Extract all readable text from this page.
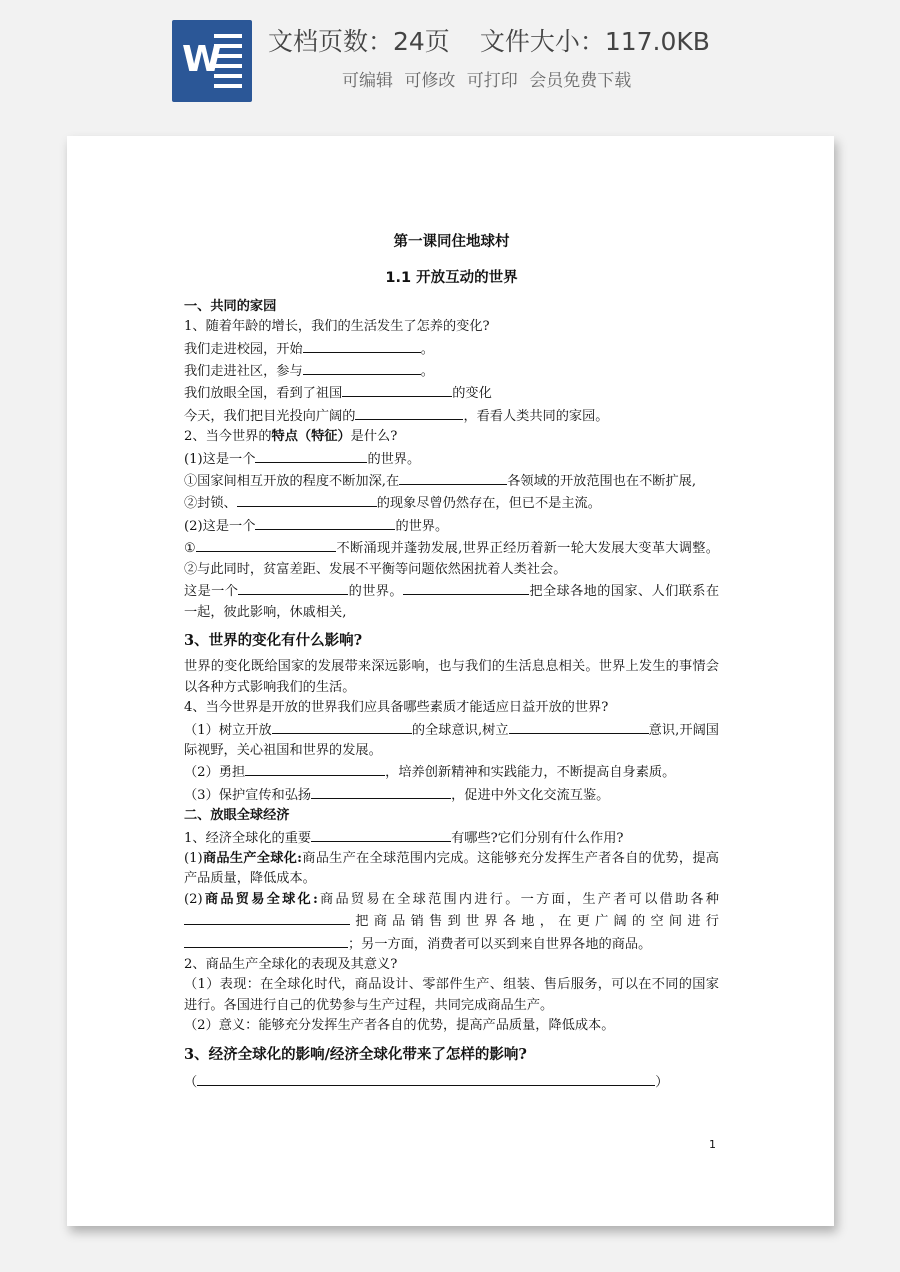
W 文档页数：24页 文件大小：117.0KB
可编辑 可修改 可打印 会员免费下载

第一课同住地球村

1.1 开放互动的世界

一、共同的家园

1、随着年龄的增长，我们的生活发生了怎养的变化?

我们走进校园，开始	。

我们走进社区，参与	。

我们放眼全国，看到了祖国	的变化

今天，我们把目光投向广阔的	，看看人类共同的家园。

2、当今世界的特点（特征）是什么?

(1)这是一个	的世界。

①国家间相互开放的程度不断加深,在	各领域的开放范围也在不断扩展,

②封锁、	的现象尽曾仍然存在，但已不是主流。

(2)这是一个	的世界。

①	不断涌现并蓬勃发展,世界正经历着新一轮大发展大变革大调整。②与此同时，贫富差距、发展不平衡等问题依然困扰着人类社会。

这是一个	的世界。	把全球各地的国家、人们联系在一起，彼此影响，休戚相关,

3、世界的变化有什么影响?

世界的变化既给国家的发展带来深远影响，也与我们的生活息息相关。世界上发生的事情会以各种方式影响我们的生活。

4、当今世界是开放的世界我们应具备哪些素质才能适应日益开放的世界?

（1）树立开放	的全球意识,树立	意识,开阔国际视野，关心祖国和世界的发展。

（2）勇担	，培养创新精神和实践能力，不断提高自身素质。

（3）保护宣传和弘扬	，促进中外文化交流互鉴。

二、放眼全球经济

1、经济全球化的重要	有哪些?它们分别有什么作用?

(1)商品生产全球化:商品生产在全球范围内完成。这能够充分发挥生产者各自的优势，提高产品质量，降低成本。

(2)商品贸易全球化:商品贸易在全球范围内进行。一方面，生产者可以借助各种把商品销售到世界各地，在更广阔的空间进行；另一方面，消费者可以买到来自世界各地的商品。

2、商品生产全球化的表现及其意义?

（1）表现：在全球化时代，商品设计、零部件生产、组装、售后服务，可以在不同的国家进行。各国进行自己的优势参与生产过程，共同完成商品生产。

（2）意义：能够充分发挥生产者各自的优势，提高产品质量，降低成本。

3、经济全球化的影响/经济全球化带来了怎样的影响?

（	）

1
